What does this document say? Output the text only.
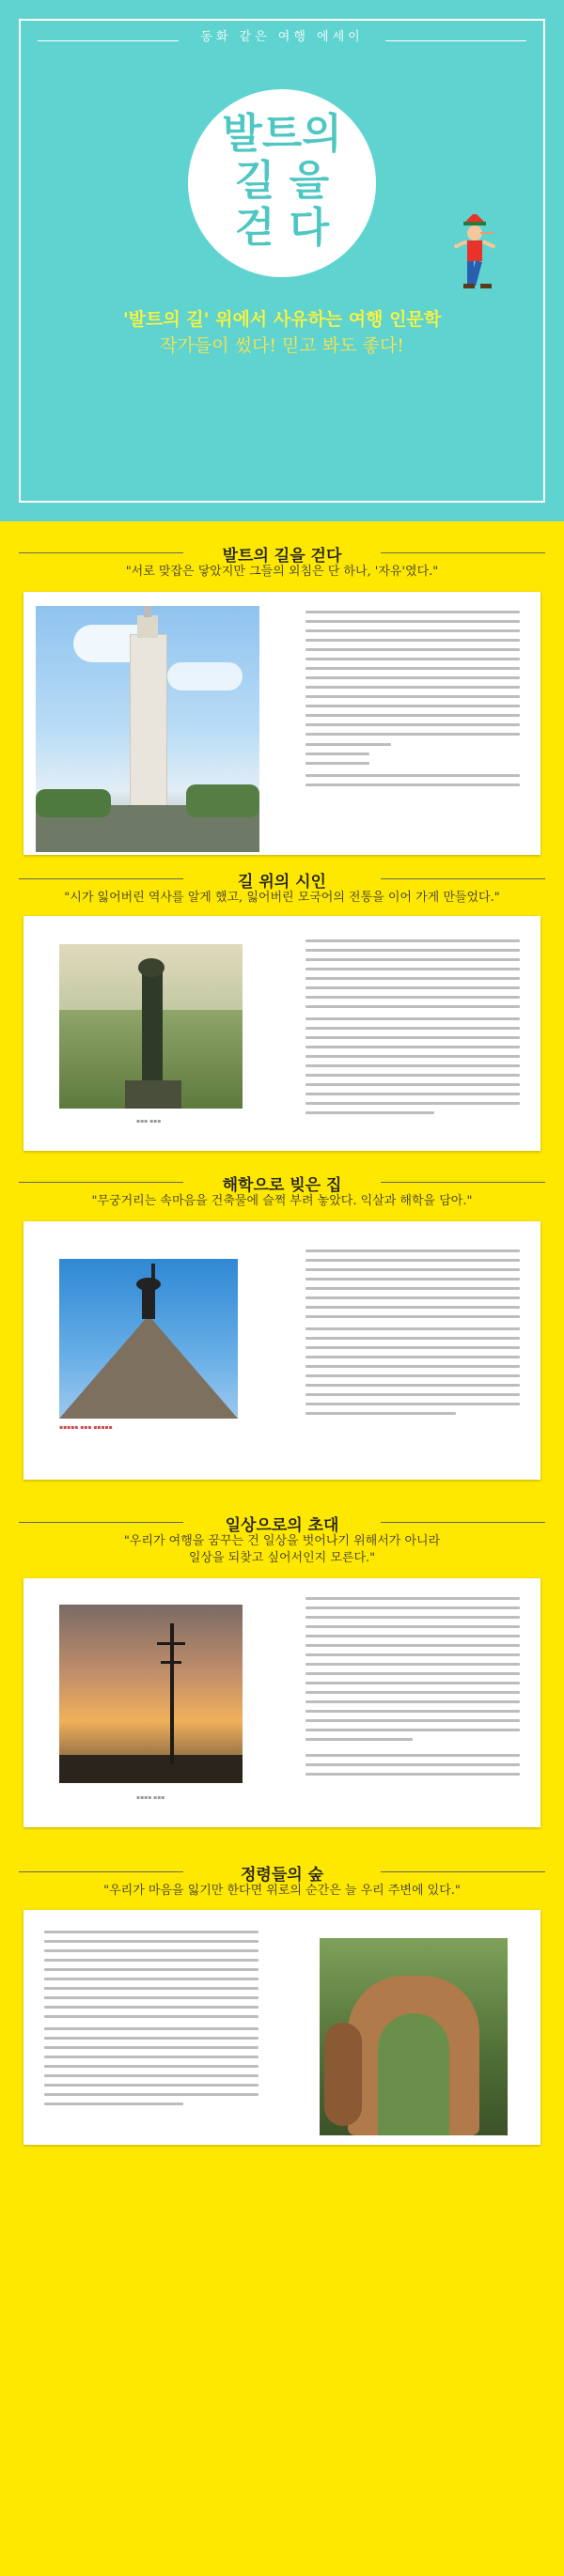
동화 같은 여행 에세이
발트의
길 을
걷 다
'발트의 길' 위에서 사유하는 여행 인문학
작가들이 썼다! 믿고 봐도 좋다!
발트의 길을 걷다
"서로 맞잡은 닿았지만 그들의 외침은 단 하나, '자유'였다."
길 위의 시인
"시가 잃어버린 역사를 알게 했고, 잃어버린 모국어의 전통을 이어 가게 만들었다."
▪▪▪ ▪▪▪
해학으로 빚은 집
"무궁거리는 속마음을 건축물에 슬쩍 부려 놓았다. 익살과 해학을 담아."
▪▪▪▪▪ ▪▪▪ ▪▪▪▪▪
일상으로의 초대
"우리가 여행을 꿈꾸는 건 일상을 벗어나기 위해서가 아니라
일상을 되찾고 싶어서인지 모른다."
▪▪▪▪ ▪▪▪
정령들의 숲
"우리가 마음을 잃기만 한다면 위로의 순간은 늘 우리 주변에 있다."
